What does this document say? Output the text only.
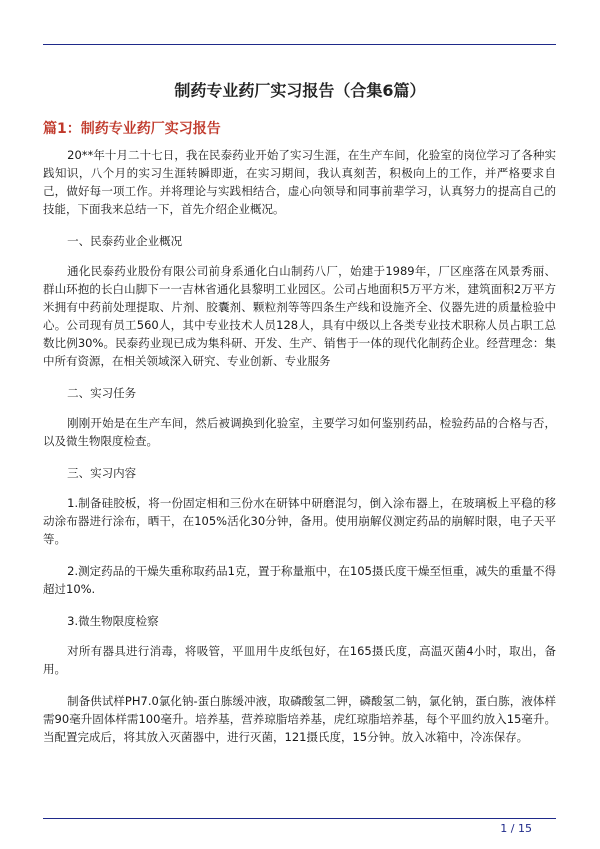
制药专业药厂实习报告（合集6篇）
篇1：制药专业药厂实习报告

20**年十月二十七日，我在民泰药业开始了实习生涯，在生产车间，化验室的岗位学习了各种实践知识，八个月的实习生涯转瞬即逝，在实习期间，我认真刻苦，积极向上的工作，并严格要求自己，做好每一项工作。并将理论与实践相结合，虚心向领导和同事前辈学习，认真努力的提高自己的技能，下面我来总结一下，首先介绍企业概况。

一、民泰药业企业概况

通化民泰药业股份有限公司前身系通化白山制药八厂，始建于1989年，厂区座落在风景秀丽、群山环抱的长白山脚下一一吉林省通化县黎明工业园区。公司占地面积5万平方米，建筑面积2万平方米拥有中药前处理提取、片剂、胶囊剂、颗粒剂等等四条生产线和设施齐全、仪器先进的质量检验中心。公司现有员工560人，其中专业技术人员128人，具有中级以上各类专业技术职称人员占职工总数比例30%。民泰药业现已成为集科研、开发、生产、销售于一体的现代化制药企业。经营理念：集中所有资源，在相关领域深入研究、专业创新、专业服务

二、实习任务

刚刚开始是在生产车间，然后被调换到化验室，主要学习如何鉴别药品，检验药品的合格与否，以及微生物限度检查。

三、实习内容

1.制备硅胶板，将一份固定相和三份水在研钵中研磨混匀，倒入涂布器上，在玻璃板上平稳的移动涂布器进行涂布，晒干，在105%活化30分钟，备用。使用崩解仪测定药品的崩解时限，电子天平等。

2.测定药品的干燥失重称取药品1克，置于称量瓶中，在105摄氏度干燥至恒重，减失的重量不得超过10%.

3.微生物限度检察

对所有器具进行消毒，将吸管，平皿用牛皮纸包好，在165摄氏度，高温灭菌4小时，取出，备用。

制备供试样PH7.0氯化钠-蛋白胨缓冲液，取磷酸氢二钾，磷酸氢二钠，氯化钠，蛋白胨，液体样需90毫升固体样需100毫升。培养基，营养琼脂培养基，虎红琼脂培养基，每个平皿约放入15毫升。当配置完成后，将其放入灭菌器中，进行灭菌，121摄氏度，15分钟。放入冰箱中，冷冻保存。

1 / 15
